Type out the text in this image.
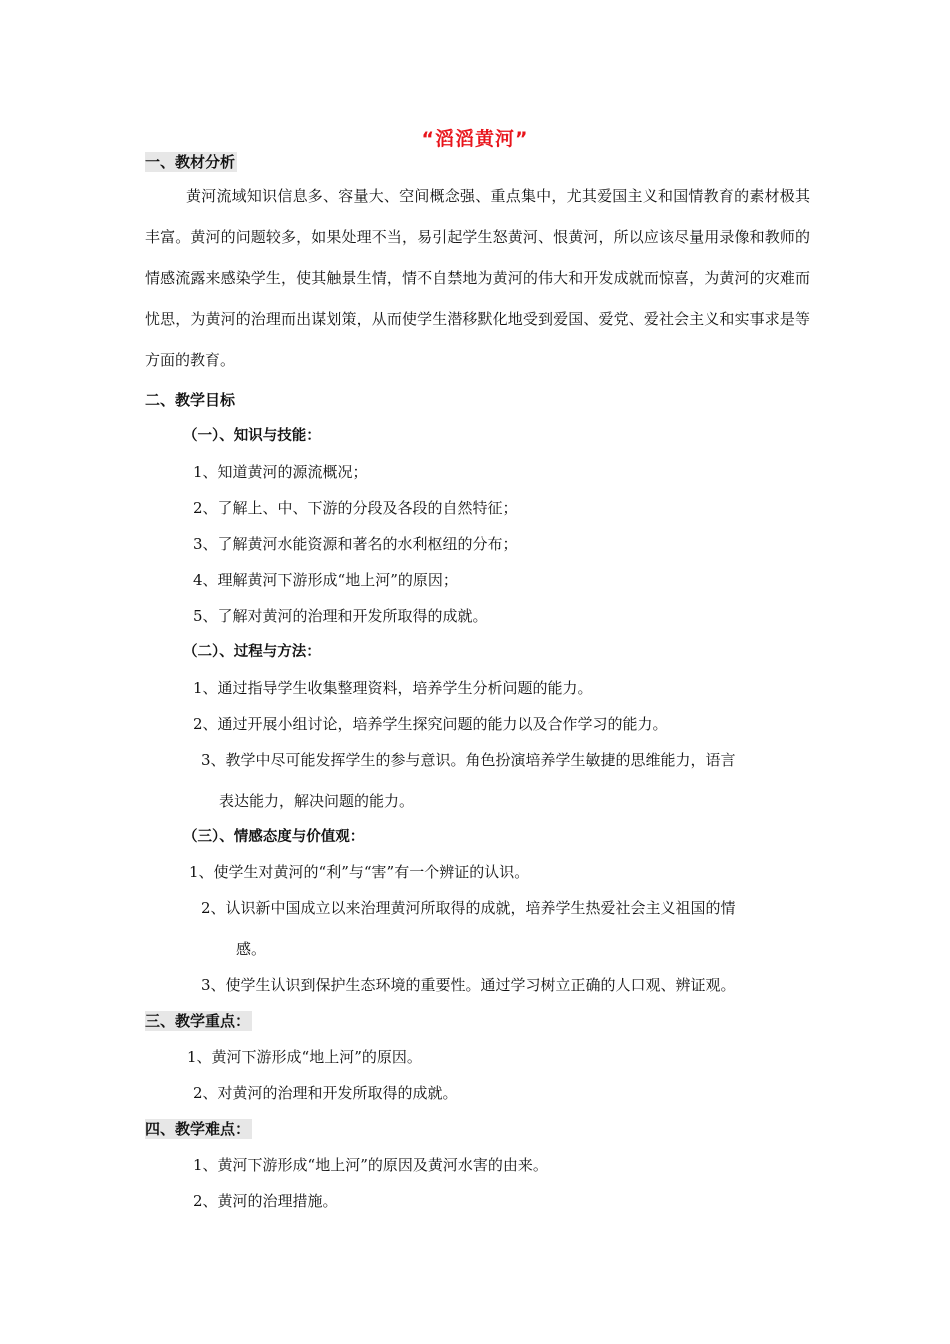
“滔滔黄河”
一、教材分析
黄河流域知识信息多、容量大、空间概念强、重点集中，尤其爱国主义和国情教育的素材极其丰富。黄河的问题较多，如果处理不当，易引起学生怒黄河、恨黄河，所以应该尽量用录像和教师的情感流露来感染学生，使其触景生情，情不自禁地为黄河的伟大和开发成就而惊喜，为黄河的灾难而忧思，为黄河的治理而出谋划策，从而使学生潜移默化地受到爱国、爱党、爱社会主义和实事求是等方面的教育。
二、教学目标
（一）、知识与技能：
1、知道黄河的源流概况；
2、了解上、中、下游的分段及各段的自然特征；
3、了解黄河水能资源和著名的水利枢纽的分布；
4、理解黄河下游形成“地上河”的原因；
5、了解对黄河的治理和开发所取得的成就。
（二）、过程与方法：
1、通过指导学生收集整理资料，培养学生分析问题的能力。
2、通过开展小组讨论，培养学生探究问题的能力以及合作学习的能力。
3、教学中尽可能发挥学生的参与意识。角色扮演培养学生敏捷的思维能力，语言
表达能力，解决问题的能力。
（三）、情感态度与价值观：
1、使学生对黄河的“利”与“害”有一个辨证的认识。
2、认识新中国成立以来治理黄河所取得的成就，培养学生热爱社会主义祖国的情
感。
3、使学生认识到保护生态环境的重要性。通过学习树立正确的人口观、辨证观。
三、教学重点：
1、黄河下游形成“地上河”的原因。
2、对黄河的治理和开发所取得的成就。
四、教学难点：
1、黄河下游形成“地上河”的原因及黄河水害的由来。
2、黄河的治理措施。
